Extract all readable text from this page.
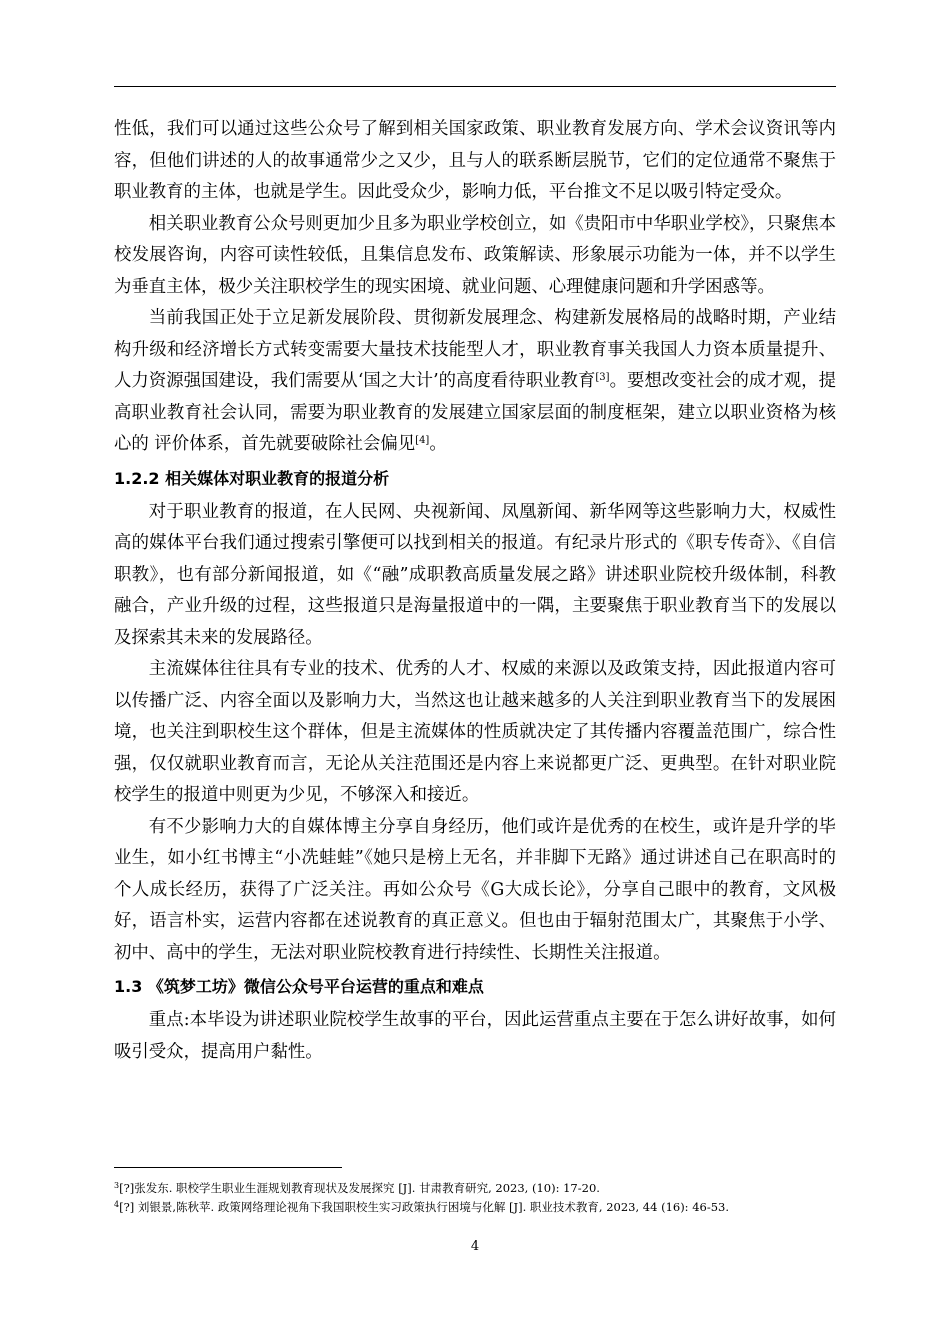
性低，我们可以通过这些公众号了解到相关国家政策、职业教育发展方向、学术会议资讯等内容，但他们讲述的人的故事通常少之又少，且与人的联系断层脱节，它们的定位通常不聚焦于职业教育的主体，也就是学生。因此受众少，影响力低，平台推文不足以吸引特定受众。

相关职业教育公众号则更加少且多为职业学校创立，如《贵阳市中华职业学校》，只聚焦本校发展咨询，内容可读性较低，且集信息发布、政策解读、形象展示功能为一体，并不以学生为垂直主体，极少关注职校学生的现实困境、就业问题、心理健康问题和升学困惑等。

当前我国正处于立足新发展阶段、贯彻新发展理念、构建新发展格局的战略时期，产业结构升级和经济增长方式转变需要大量技术技能型人才，职业教育事关我国人力资本质量提升、人力资源强国建设，我们需要从‘国之大计’的高度看待职业教育[3]。要想改变社会的成才观，提高职业教育社会认同，需要为职业教育的发展建立国家层面的制度框架，建立以职业资格为核心的 评价体系，首先就要破除社会偏见[4]。

1.2.2 相关媒体对职业教育的报道分析

对于职业教育的报道，在人民网、央视新闻、凤凰新闻、新华网等这些影响力大，权威性高的媒体平台我们通过搜索引擎便可以找到相关的报道。有纪录片形式的《职专传奇》、《自信职教》，也有部分新闻报道，如《“融”成职教高质量发展之路》讲述职业院校升级体制，科教融合，产业升级的过程，这些报道只是海量报道中的一隅，主要聚焦于职业教育当下的发展以及探索其未来的发展路径。

主流媒体往往具有专业的技术、优秀的人才、权威的来源以及政策支持，因此报道内容可以传播广泛、内容全面以及影响力大，当然这也让越来越多的人关注到职业教育当下的发展困境，也关注到职校生这个群体，但是主流媒体的性质就决定了其传播内容覆盖范围广，综合性强，仅仅就职业教育而言，无论从关注范围还是内容上来说都更广泛、更典型。在针对职业院校学生的报道中则更为少见，不够深入和接近。

有不少影响力大的自媒体博主分享自身经历，他们或许是优秀的在校生，或许是升学的毕业生，如小红书博主“小冼蛙蛙”《她只是榜上无名，并非脚下无路》通过讲述自己在职高时的个人成长经历，获得了广泛关注。再如公众号《G大成长论》，分享自己眼中的教育，文风极好，语言朴实，运营内容都在述说教育的真正意义。但也由于辐射范围太广，其聚焦于小学、初中、高中的学生，无法对职业院校教育进行持续性、长期性关注报道。

1.3 《筑梦工坊》微信公众号平台运营的重点和难点

重点:本毕设为讲述职业院校学生故事的平台，因此运营重点主要在于怎么讲好故事，如何吸引受众，提高用户黏性。

$^3$[?]张发东. 职校学生职业生涯规划教育现状及发展探究 [J]. 甘肃教育研究, 2023, (10): 17-20.
$^4$[?] 刘银景,陈秋苹. 政策网络理论视角下我国职校生实习政策执行困境与化解 [J]. 职业技术教育, 2023, 44 (16): 46-53.
4
